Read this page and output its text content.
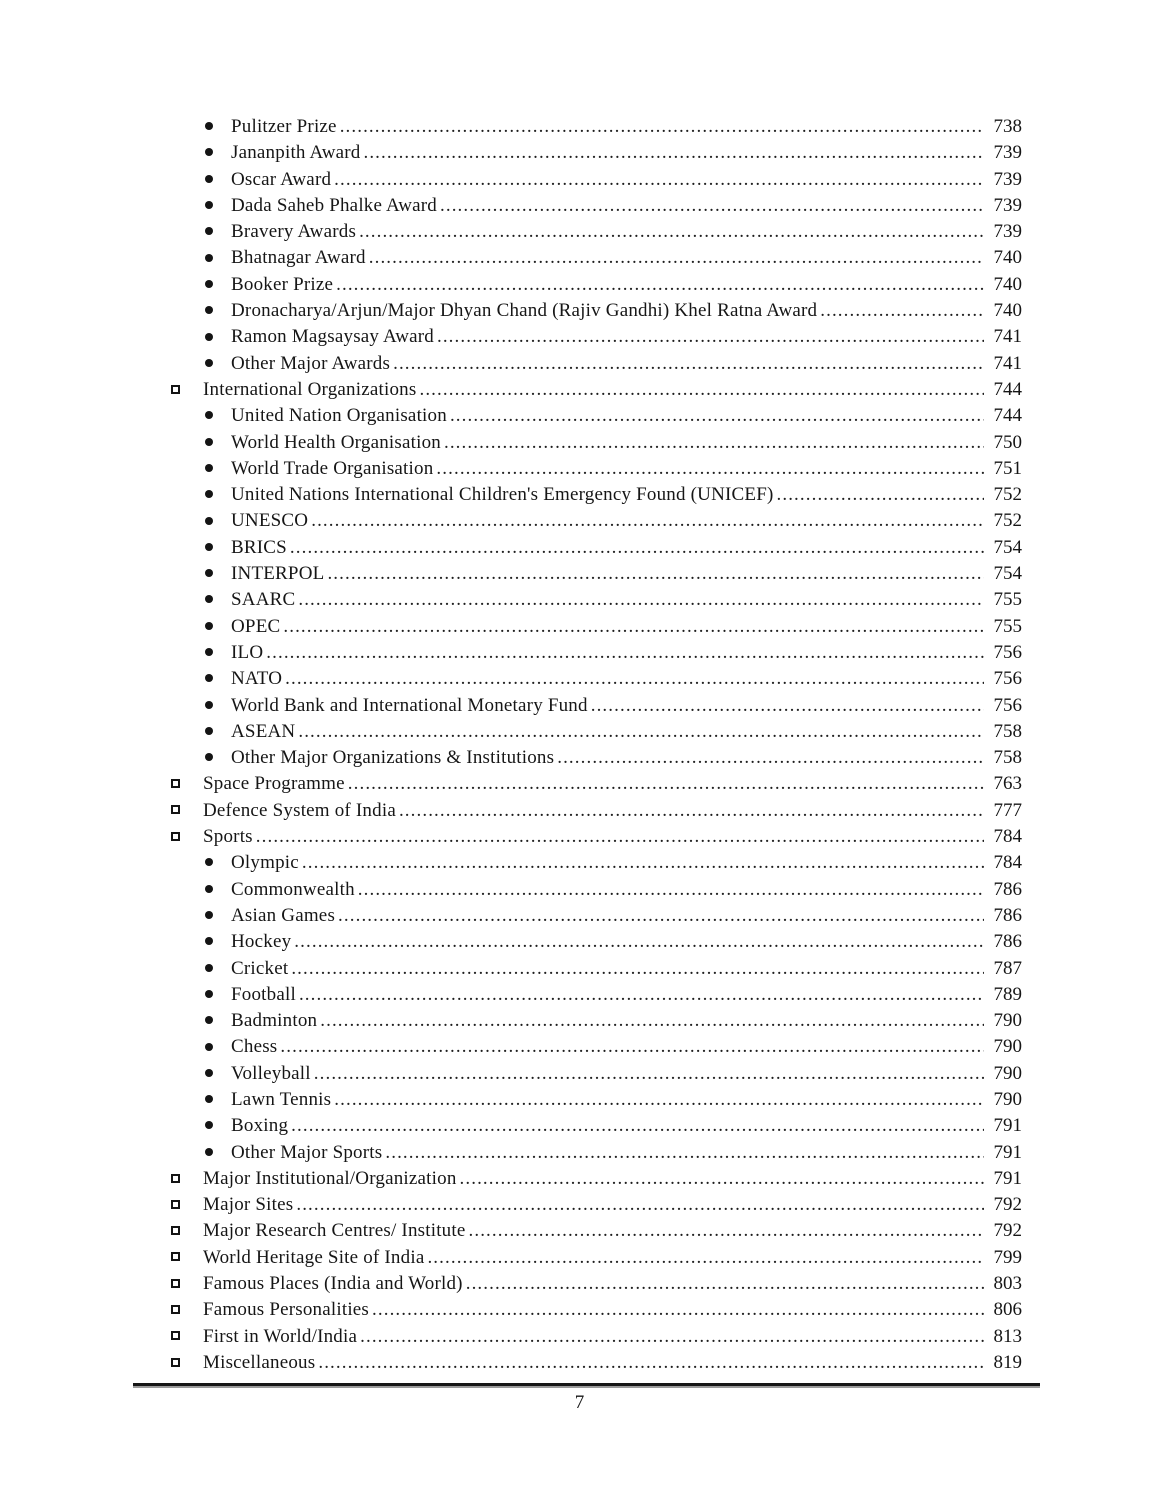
Pulitzer Prize .....	738
Jananpith Award .....	739
Oscar Award .....	739
Dada Saheb Phalke Award .....	739
Bravery Awards .....	739
Bhatnagar Award .....	740
Booker Prize .....	740
Dronacharya/Arjun/Major Dhyan Chand (Rajiv Gandhi) Khel Ratna Award .....	740
Ramon Magsaysay Award .....	741
Other Major Awards .....	741
International Organizations .....	744
United Nation Organisation .....	744
World Health Organisation .....	750
World Trade Organisation .....	751
United Nations International Children's Emergency Found (UNICEF) .....	752
UNESCO .....	752
BRICS .....	754
INTERPOL .....	754
SAARC .....	755
OPEC .....	755
ILO .....	756
NATO .....	756
World Bank and International Monetary Fund .....	756
ASEAN .....	758
Other Major Organizations & Institutions .....	758
Space Programme .....	763
Defence System of India .....	777
Sports .....	784
Olympic .....	784
Commonwealth .....	786
Asian Games .....	786
Hockey .....	786
Cricket .....	787
Football .....	789
Badminton .....	790
Chess .....	790
Volleyball .....	790
Lawn Tennis .....	790
Boxing .....	791
Other Major Sports .....	791
Major Institutional/Organization .....	791
Major Sites .....	792
Major Research Centres/ Institute .....	792
World Heritage Site of India .....	799
Famous Places (India and World) .....	803
Famous Personalities .....	806
First in World/India .....	813
Miscellaneous .....	819
7
